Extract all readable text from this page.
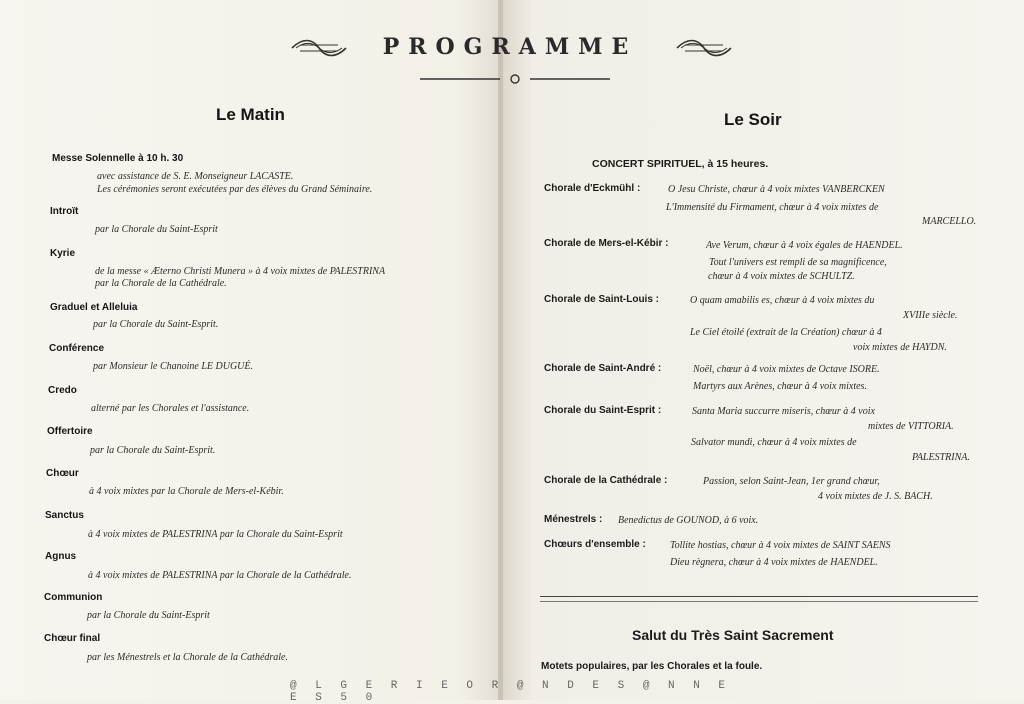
PROGRAMME
Le Matin
Messe Solennelle à 10 h. 30
avec assistance de S. E. Monseigneur LACASTE.
Les cérémonies seront exécutées par des élèves du Grand Séminaire.
Introït
par la Chorale du Saint-Esprit
Kyrie
de la messe « Æterno Christi Munera » à 4 voix mixtes de PALESTRINA
par la Chorale de la Cathédrale.
Graduel et Alleluia
par la Chorale du Saint-Esprit.
Conférence
par Monsieur le Chanoine LE DUGUÉ.
Credo
alterné par les Chorales et l'assistance.
Offertoire
par la Chorale du Saint-Esprit.
Chœur
à 4 voix mixtes par la Chorale de Mers-el-Kébir.
Sanctus
à 4 voix mixtes de PALESTRINA par la Chorale du Saint-Esprit
Agnus
à 4 voix mixtes de PALESTRINA par la Chorale de la Cathédrale.
Communion
par la Chorale du Saint-Esprit
Chœur final
par les Ménestrels et la Chorale de la Cathédrale.
Le Soir
CONCERT SPIRITUEL, à 15 heures.
Chorale d'Eckmühl :	O Jesu Christe, chœur à 4 voix mixtes VANBERCKEN
L'Immensité du Firmament, chœur à 4 voix mixtes de
MARCELLO.
Chorale de Mers-el-Kébir :	Ave Verum, chœur à 4 voix égales de HAENDEL.
Tout l'univers est rempli de sa magnificence,
chœur à 4 voix mixtes de SCHULTZ.
Chorale de Saint-Louis :	O quam amabilis es, chœur à 4 voix mixtes du
XVIIIe siècle.
Le Ciel étoilé (extrait de la Création) chœur à 4
voix mixtes de HAYDN.
Chorale de Saint-André :	Noël, chœur à 4 voix mixtes de Octave ISORE.
Martyrs aux Arènes, chœur à 4 voix mixtes.
Chorale du Saint-Esprit :	Santa Maria succurre miseris, chœur à 4 voix
mixtes de VITTORIA.
Salvator mundi, chœur à 4 voix mixtes de
PALESTRINA.
Chorale de la Cathédrale :	Passion, selon Saint-Jean, 1er grand chœur,
4 voix mixtes de J. S. BACH.
Ménestrels : Benedictus de GOUNOD, à 6 voix.
Chœurs d'ensemble : Tollite hostias, chœur à 4 voix mixtes de SAINT SAENS
Dieu règnera, chœur à 4 voix mixtes de HAENDEL.
Salut du Très Saint Sacrement
Motets populaires, par les Chorales et la foule.
@ L G E R I E O R @ N D E S @ N N E E S 5 0
